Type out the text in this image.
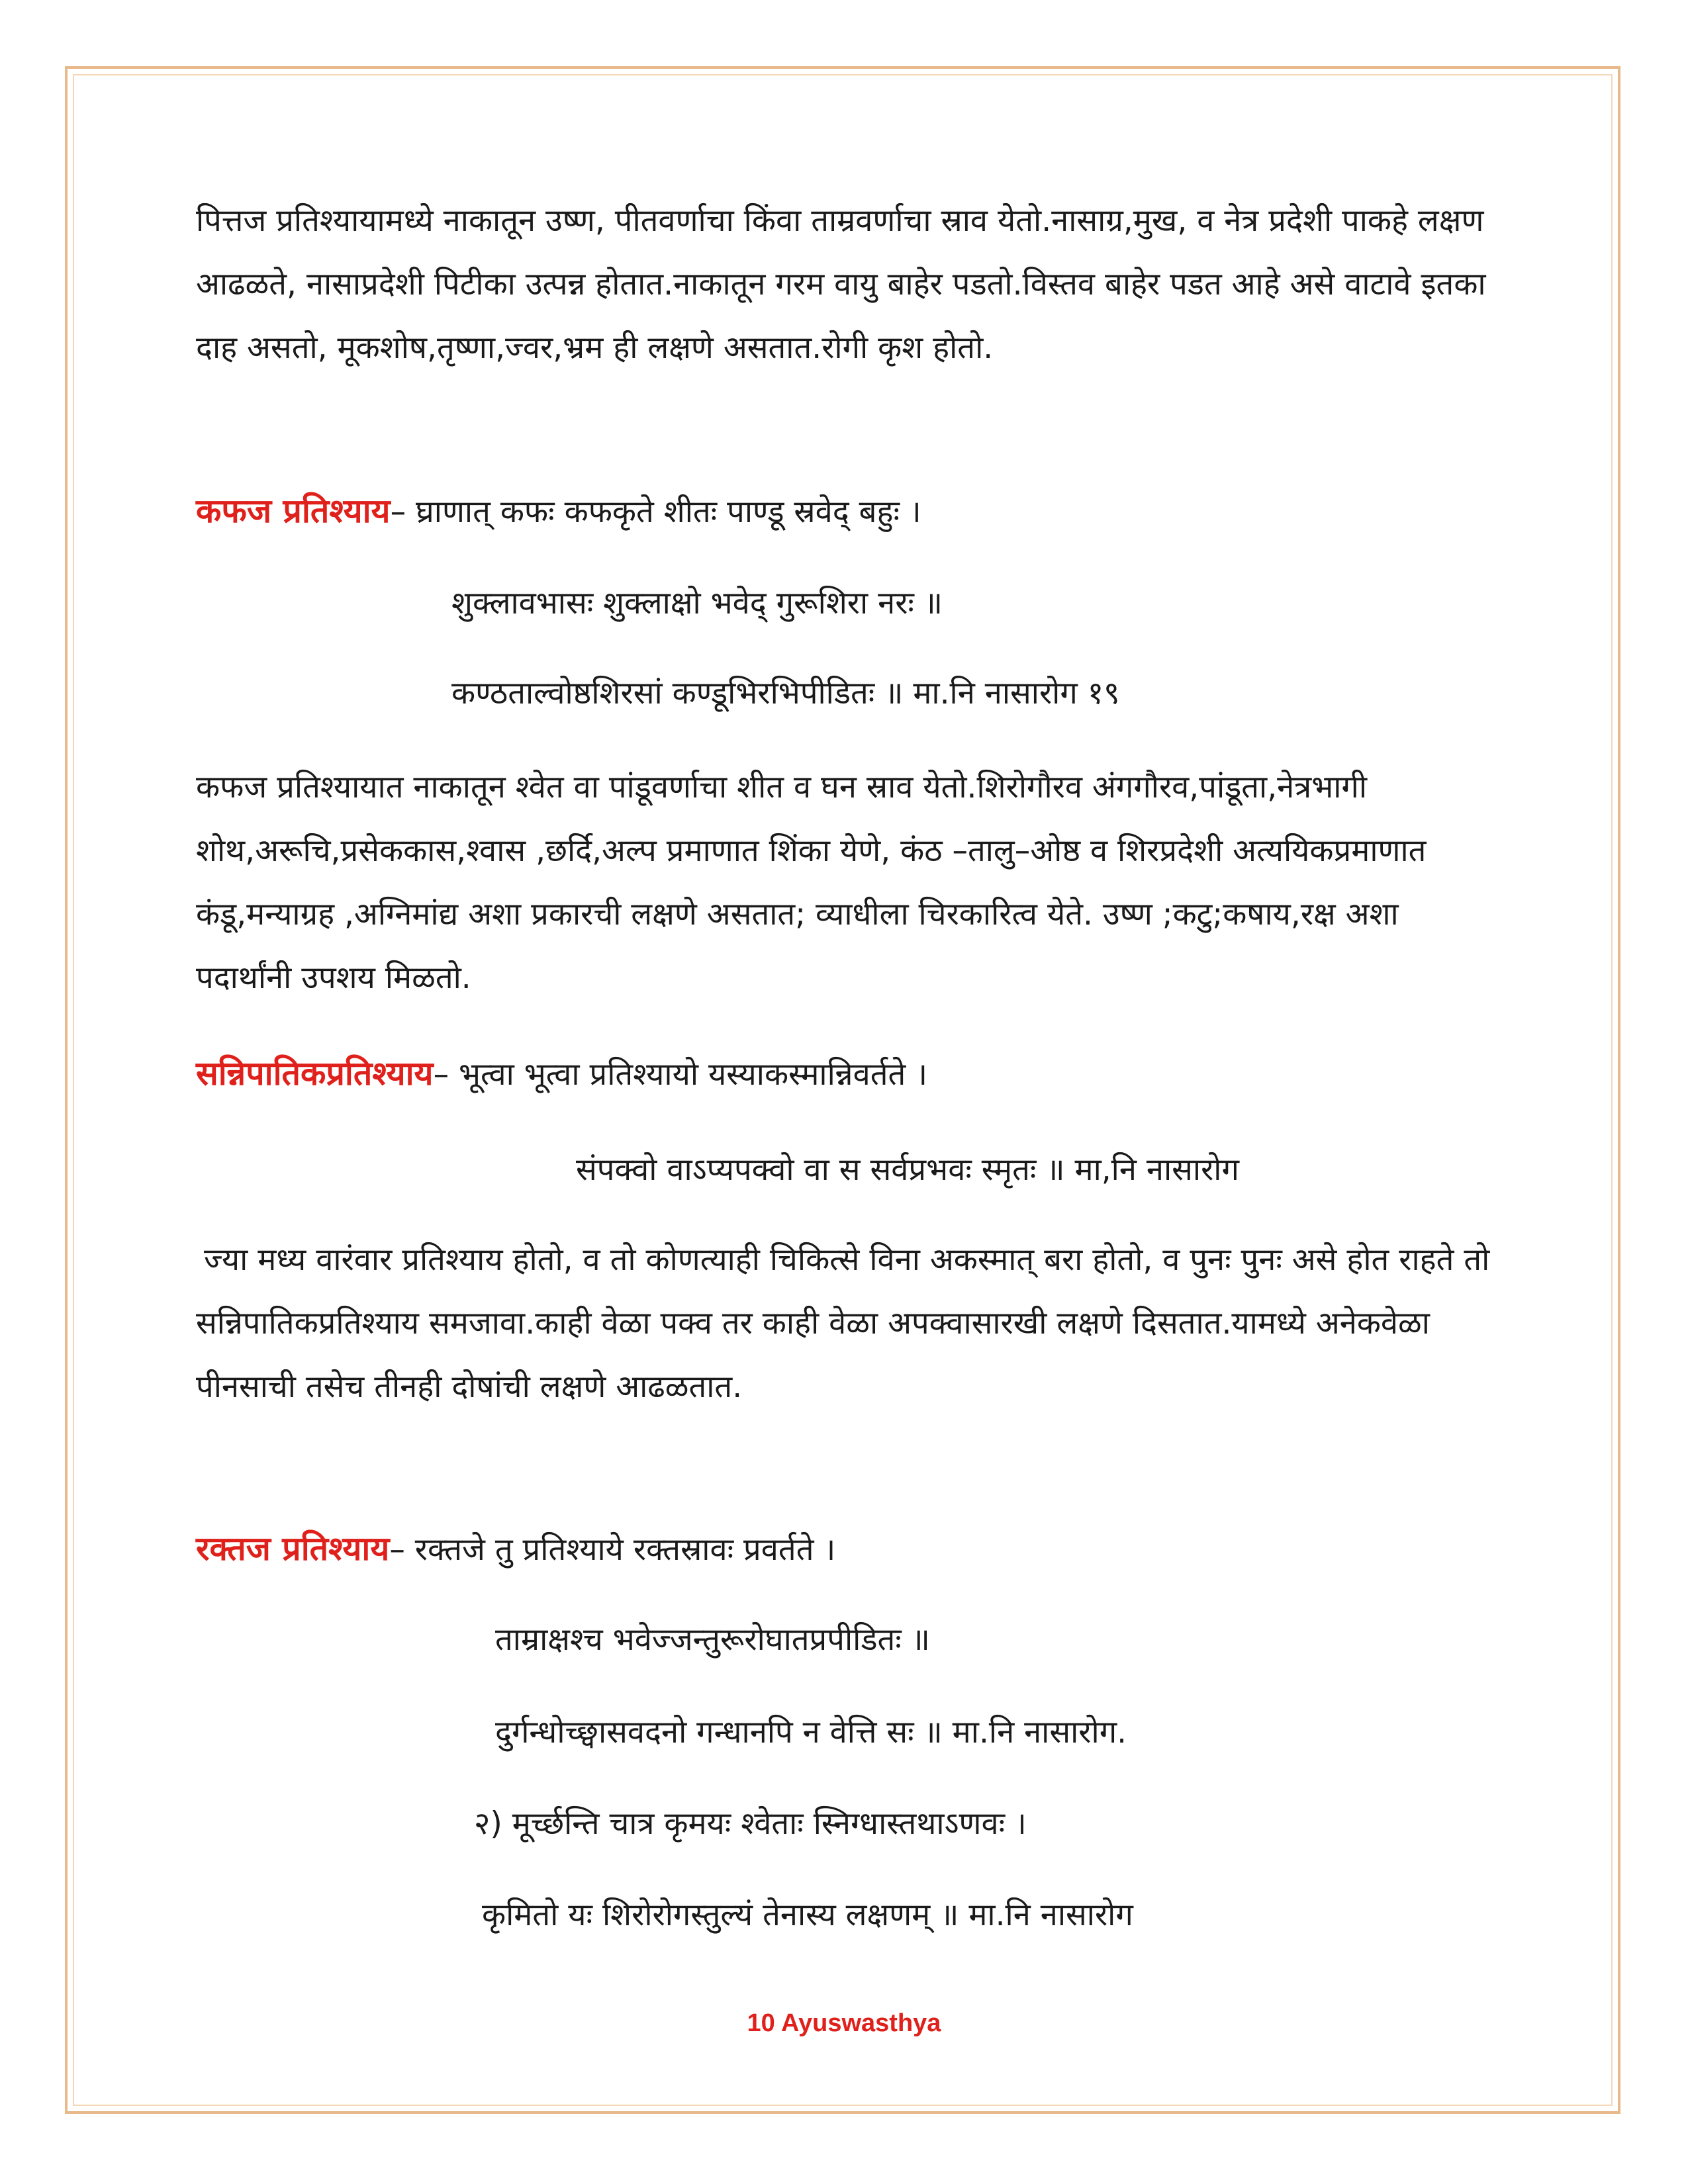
पित्तज प्रतिश्यायामध्ये नाकातून उष्ण, पीतवर्णाचा किंवा ताम्रवर्णाचा स्राव येतो.नासाग्र,मुख, व नेत्र प्रदेशी पाकहे लक्षण आढळते, नासाप्रदेशी पिटीका उत्पन्न होतात.नाकातून गरम वायु बाहेर पडतो.विस्तव बाहेर पडत आहे असे वाटावे इतका दाह असतो, मूकशोष,तृष्णा,ज्वर,भ्रम ही लक्षणे असतात.रोगी कृश होतो.

कफज प्रतिश्याय– घ्राणात् कफः कफकृते शीतः पाण्डू स्रवेद् बहुः ।
शुक्लावभासः शुक्लाक्षो भवेद् गुरूशिरा नरः ॥
कण्ठताल्वोष्ठशिरसां कण्डूभिरभिपीडितः ॥ मा.नि नासारोग १९

कफज प्रतिश्यायात नाकातून श्वेत वा पांडूवर्णाचा शीत व घन स्राव येतो.शिरोगौरव अंगगौरव,पांडूता,नेत्रभागी शोथ,अरूचि,प्रसेककास,श्वास ,छर्दि,अल्प प्रमाणात शिंका येणे, कंठ –तालु–ओष्ठ व शिरप्रदेशी अत्ययिकप्रमाणात कंडू,मन्याग्रह ,अग्निमांद्य अशा प्रकारची लक्षणे असतात; व्याधीला चिरकारित्व येते. उष्ण ;कटु;कषाय,रक्ष अशा पदार्थांनी उपशय मिळतो.

सन्निपातिकप्रतिश्याय– भूत्वा भूत्वा प्रतिश्यायो यस्याकस्मान्निवर्तते ।
संपक्वो वाऽप्यपक्वो वा स सर्वप्रभवः स्मृतः ॥ मा,नि नासारोग

ज्या मध्य वारंवार प्रतिश्याय होतो, व तो कोणत्याही चिकित्से विना अकस्मात् बरा होतो, व पुनः पुनः असे होत राहते तो सन्निपातिकप्रतिश्याय समजावा.काही वेळा पक्व तर काही वेळा अपक्वासारखी लक्षणे दिसतात.यामध्ये अनेकवेळा पीनसाची तसेच तीनही दोषांची लक्षणे आढळतात.

रक्तज प्रतिश्याय– रक्तजे तु प्रतिश्याये रक्तस्रावः प्रवर्तते ।
ताम्राक्षश्च भवेज्जन्तुरूरोघातप्रपीडितः ॥
दुर्गन्धोच्छ्वासवदनो गन्धानपि न वेत्ति सः ॥ मा.नि नासारोग.
२) मूर्च्छन्ति चात्र कृमयः श्वेताः स्निग्धास्तथाऽणवः ।
कृमितो यः शिरोरोगस्तुल्यं तेनास्य लक्षणम् ॥ मा.नि नासारोग
10 Ayuswasthya
